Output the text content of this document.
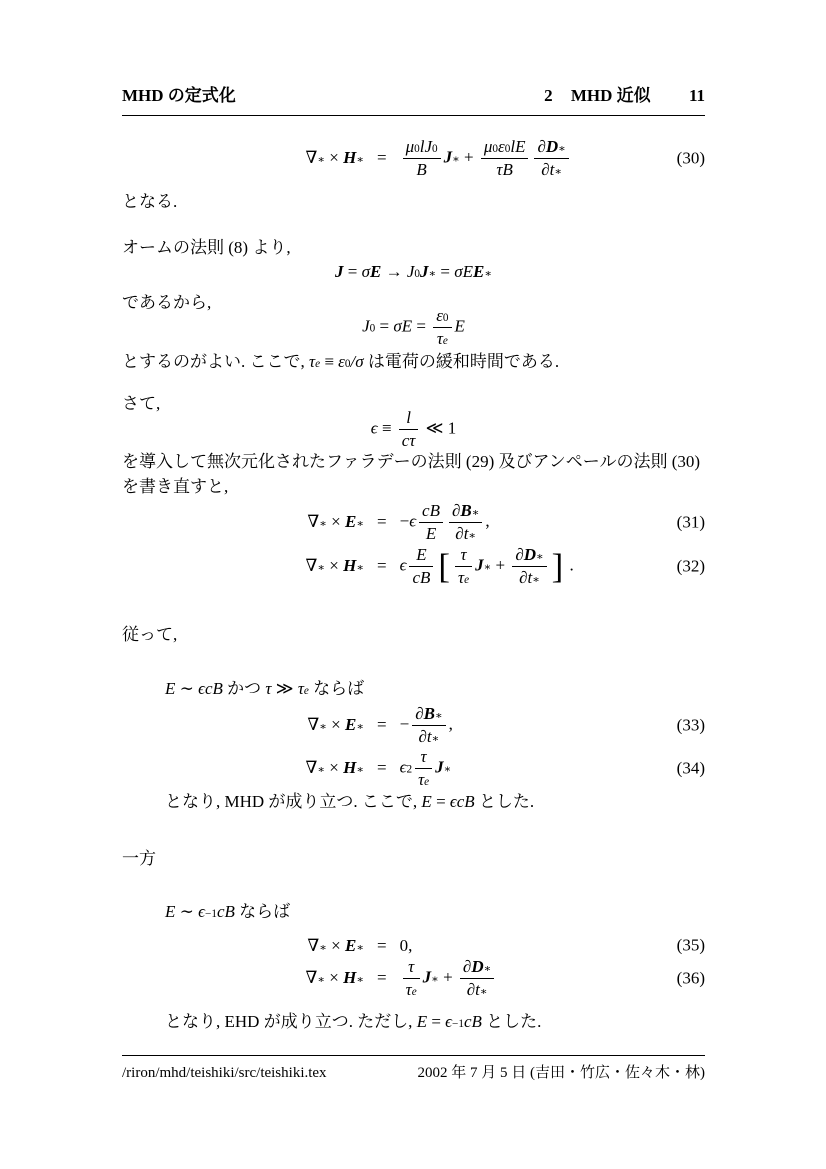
MHD の定式化	2 MHD 近似 11
∇∗ × H∗ = $\frac{\mu 0lJ0}{B}$ J∗ + $\frac{\mu 0\varepsilon 0lE}{\tau B} \frac{\partial D∗}{\partial t∗}$	(30)

となる.

オームの法則 (8) より,

J = σE → J0J∗ = σEE∗

であるから,

$J0 = \sigma E = \frac{\varepsilon 0}{\tau e}$ E

とするのがよい. ここで, τe ≡ ε0/σ は電荷の緩和時間である.

さて,

$\epsilon \equiv \frac{l}{c\tau}$ ≪ 1

を導入して無次元化されたファラデーの法則 (29) 及びアンペールの法則 (30) を書き直すと,

∇∗ × E∗ = $-\epsilon \frac{cB}{E} \frac{\partial B∗}{\partial t∗}$ ,	(31)
∇∗ × H∗ = ϵ $\frac{E}{cB}$ [ $\frac{\tau}{\tau e}$ J∗ + $\frac{\partial D∗}{\partial t∗}$ ] .	(32)

従って,

E ∼ ϵcB かつ τ ≫ τe ならば
∇∗ × E∗ = − $\frac{\partial B∗}{\partial t∗}$ ,	(33)
∇∗ × H∗ = $\epsilon^2 \frac{\tau}{\tau e}$ J∗	(34)
となり, MHD が成り立つ. ここで, E = ϵcB とした.

一方

E ∼ $\epsilon^{-1}cB$ ならば
∇∗ × E∗ = 0,	(35)
∇∗ × H∗ = $\frac{\tau}{\tau e}$ J∗ + $\frac{\partial D∗}{\partial t∗}$	(36)
となり, EHD が成り立つ. ただし, $E = \epsilon^{-1}cB$ とした.
/riron/mhd/teishiki/src/teishiki.tex	2002 年 7 月 5 日 (吉田・竹広・佐々木・林)
